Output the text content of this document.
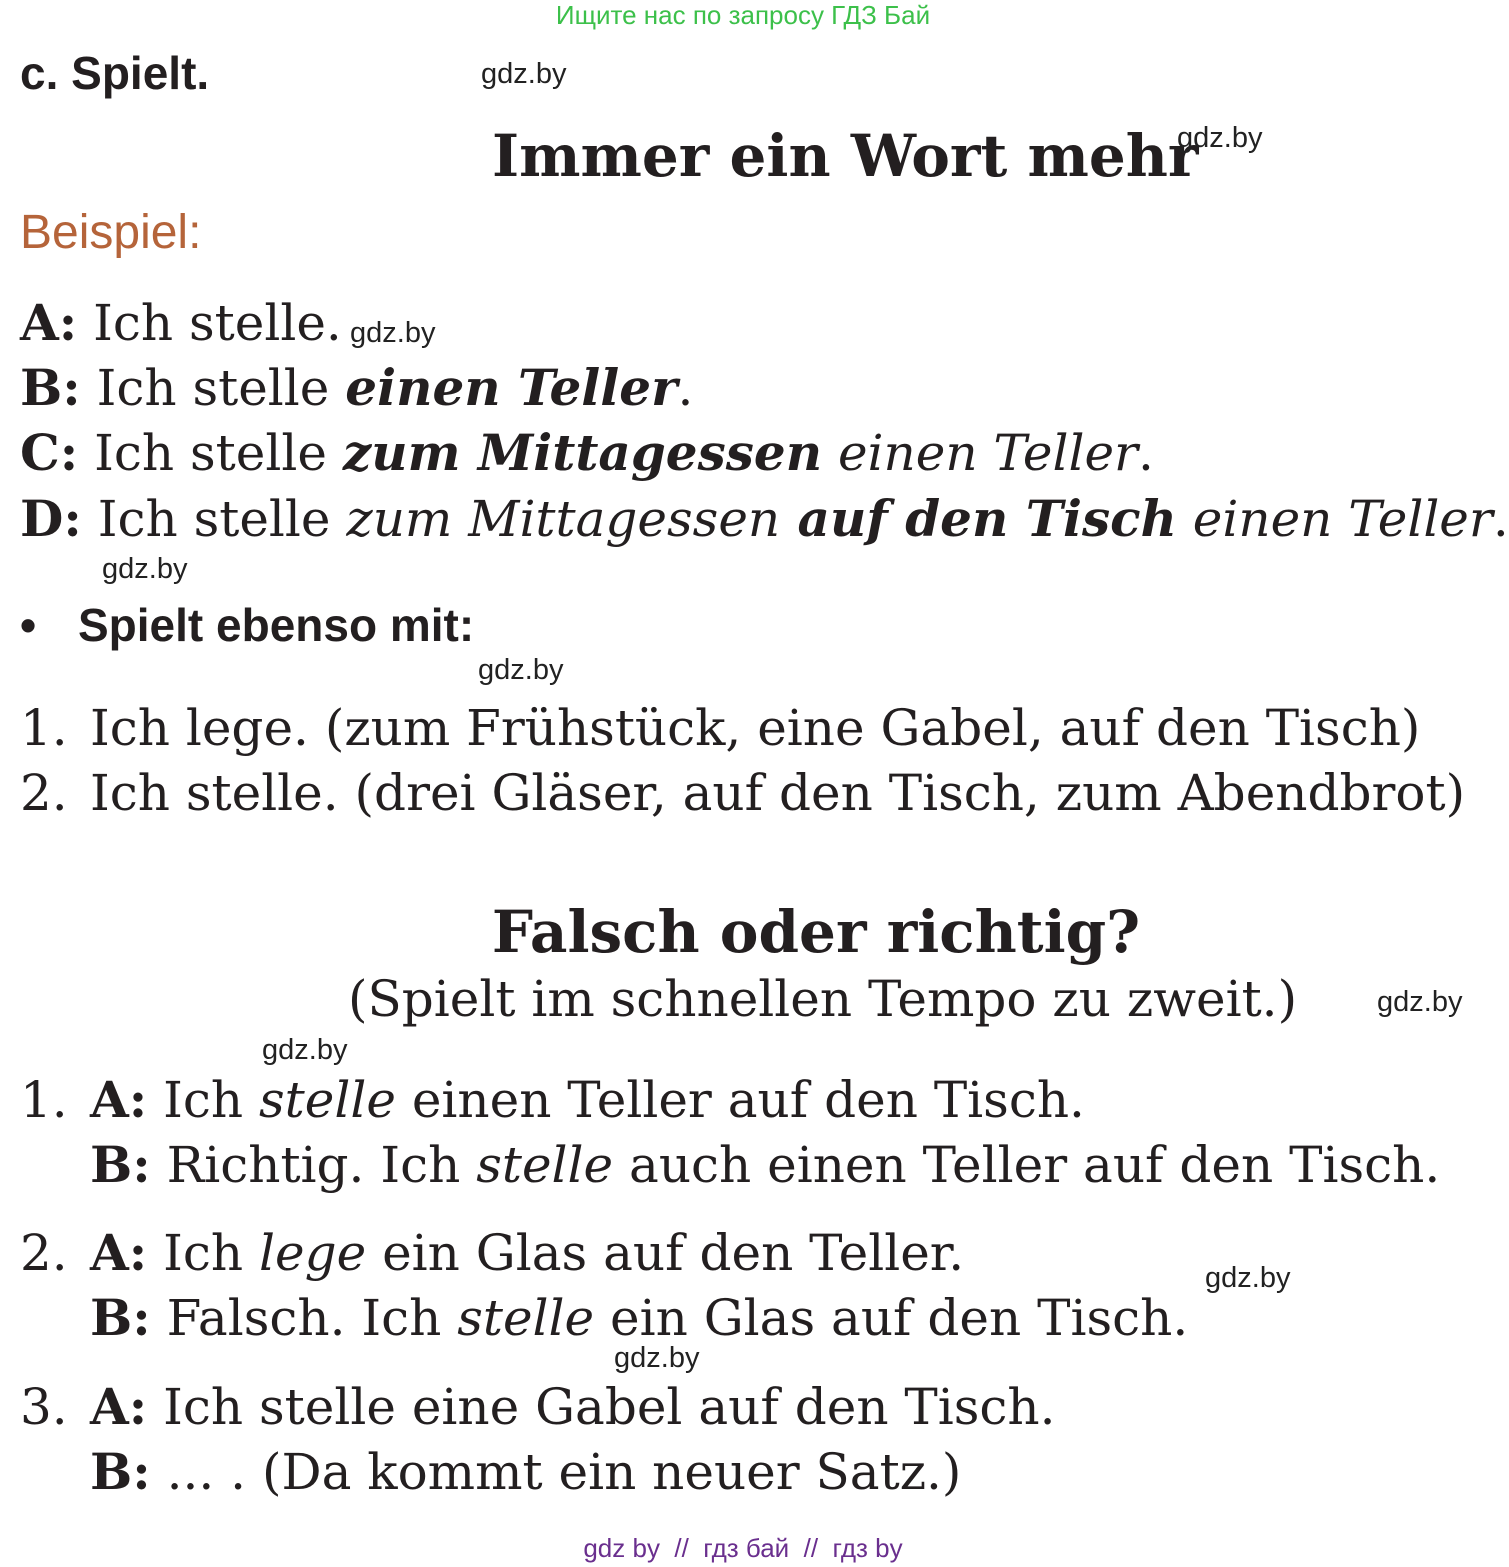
Ищите нас по запросу ГДЗ Бай
c. Spielt.
Immer ein Wort mehr
Beispiel:
A: Ich stelle.
B: Ich stelle einen Teller.
C: Ich stelle zum Mittagessen einen Teller.
D: Ich stelle zum Mittagessen auf den Tisch einen Teller.
• Spielt ebenso mit:
1. Ich lege. (zum Frühstück, eine Gabel, auf den Tisch)
2. Ich stelle. (drei Gläser, auf den Tisch, zum Abendbrot)
Falsch oder richtig?
(Spielt im schnellen Tempo zu zweit.)
1. A: Ich stelle einen Teller auf den Tisch.
B: Richtig. Ich stelle auch einen Teller auf den Tisch.
2. A: Ich lege ein Glas auf den Teller.
B: Falsch. Ich stelle ein Glas auf den Tisch.
3. A: Ich stelle eine Gabel auf den Tisch.
B: ... . (Da kommt ein neuer Satz.)
gdz.by
gdz.by
gdz.by
gdz.by
gdz.by
gdz.by
gdz.by
gdz.by
gdz.by
gdz by  //  гдз бай  //  гдз by
